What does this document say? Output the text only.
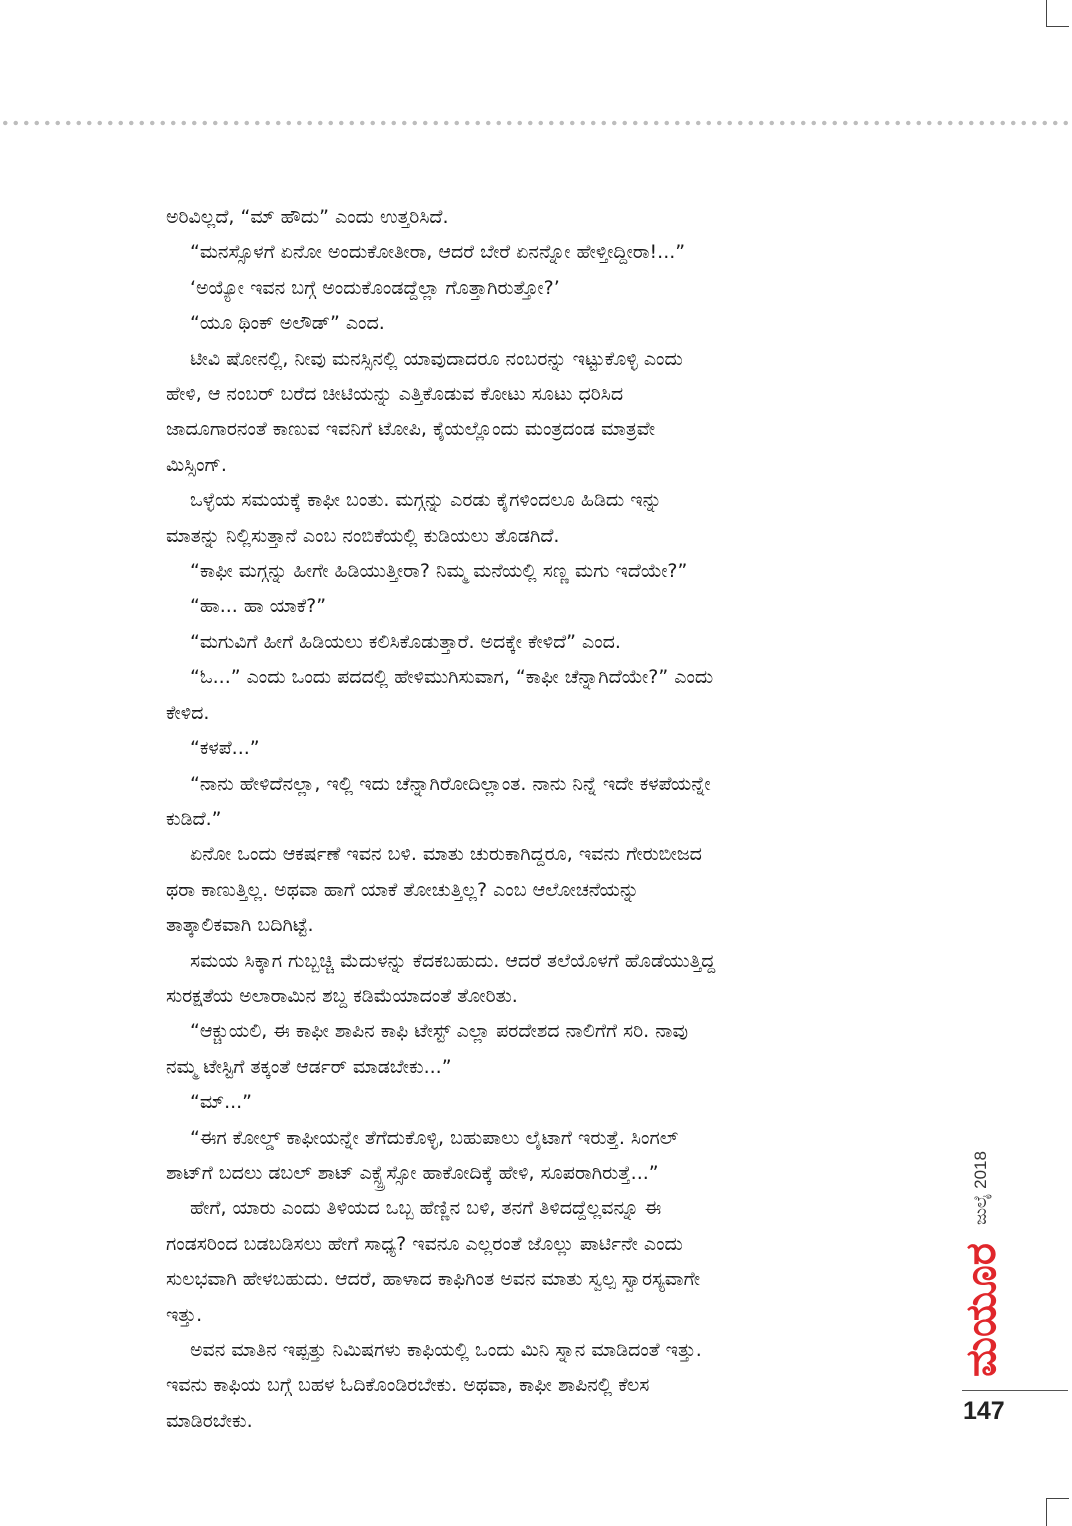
ಅರಿವಿಲ್ಲದೆ, “ಮ್ ಹೌದು” ಎಂದು ಉತ್ತರಿಸಿದೆ.

“ಮನಸ್ಸೊಳಗೆ ಏನೋ ಅಂದುಕೋತೀರಾ, ಆದರೆ ಬೇರೆ ಏನನ್ನೋ ಹೇಳ್ತೀದ್ದೀರಾ!...”

‘ಅಯ್ಯೋ ಇವನ ಬಗ್ಗೆ ಅಂದುಕೊಂಡದ್ದೆಲ್ಲಾ ಗೊತ್ತಾಗಿರುತ್ತೋ?’

“ಯೂ ಥಿಂಕ್ ಅಲೌಡ್” ಎಂದ.

ಟೀವಿ ಷೋನಲ್ಲಿ, ನೀವು ಮನಸ್ಸಿನಲ್ಲಿ ಯಾವುದಾದರೂ ನಂಬರನ್ನು ಇಟ್ಟುಕೊಳ್ಳಿ ಎಂದು

ಹೇಳಿ, ಆ ನಂಬರ್ ಬರೆದ ಚೀಟಿಯನ್ನು ಎತ್ತಿಕೊಡುವ ಕೋಟು ಸೂಟು ಧರಿಸಿದ

ಜಾದೂಗಾರನಂತೆ ಕಾಣುವ ಇವನಿಗೆ ಟೋಪಿ, ಕೈಯಲ್ಲೊಂದು ಮಂತ್ರದಂಡ ಮಾತ್ರವೇ

ಮಿಸ್ಸಿಂಗ್.

ಒಳ್ಳೆಯ ಸಮಯಕ್ಕೆ ಕಾಫೀ ಬಂತು. ಮಗ್ಗನ್ನು ಎರಡು ಕೈಗಳಿಂದಲೂ ಹಿಡಿದು ಇನ್ನು

ಮಾತನ್ನು ನಿಲ್ಲಿಸುತ್ತಾನೆ ಎಂಬ ನಂಬಿಕೆಯಲ್ಲಿ ಕುಡಿಯಲು ತೊಡಗಿದೆ.

“ಕಾಫೀ ಮಗ್ಗನ್ನು ಹೀಗೇ ಹಿಡಿಯುತ್ತೀರಾ? ನಿಮ್ಮ ಮನೆಯಲ್ಲಿ ಸಣ್ಣ ಮಗು ಇದೆಯೇ?”

“ಹಾ... ಹಾ ಯಾಕೆ?”

“ಮಗುವಿಗೆ ಹೀಗೆ ಹಿಡಿಯಲು ಕಲಿಸಿಕೊಡುತ್ತಾರೆ. ಅದಕ್ಕೇ ಕೇಳಿದೆ” ಎಂದ.

“ಓ...” ಎಂದು ಒಂದು ಪದದಲ್ಲಿ ಹೇಳಿಮುಗಿಸುವಾಗ, “ಕಾಫೀ ಚೆನ್ನಾಗಿದೆಯೇ?” ಎಂದು

ಕೇಳಿದ.

“ಕಳಪೆ...”

“ನಾನು ಹೇಳಿದೆನಲ್ಲಾ, ಇಲ್ಲಿ ಇದು ಚೆನ್ನಾಗಿರೋದಿಲ್ಲಾಂತ. ನಾನು ನಿನ್ನೆ ಇದೇ ಕಳಪೆಯನ್ನೇ

ಕುಡಿದೆ.”

ಏನೋ ಒಂದು ಆಕರ್ಷಣೆ ಇವನ ಬಳಿ. ಮಾತು ಚುರುಕಾಗಿದ್ದರೂ, ಇವನು ಗೇರುಬೀಜದ

ಥರಾ ಕಾಣುತ್ತಿಲ್ಲ. ಅಥವಾ ಹಾಗೆ ಯಾಕೆ ತೋಚುತ್ತಿಲ್ಲ? ಎಂಬ ಆಲೋಚನೆಯನ್ನು

ತಾತ್ಕಾಲಿಕವಾಗಿ ಬದಿಗಿಟ್ಟೆ.

ಸಮಯ ಸಿಕ್ಕಾಗ ಗುಬ್ಬಚ್ಚಿ ಮೆದುಳನ್ನು ಕೆದಕಬಹುದು. ಆದರೆ ತಲೆಯೊಳಗೆ ಹೊಡೆಯುತ್ತಿದ್ದ

ಸುರಕ್ಷತೆಯ ಅಲಾರಾಮಿನ ಶಬ್ದ ಕಡಿಮೆಯಾದಂತೆ ತೋರಿತು.

“ಆಕ್ಚುಯಲಿ, ಈ ಕಾಫೀ ಶಾಪಿನ ಕಾಫಿ ಟೇಸ್ಟ್ ಎಲ್ಲಾ ಪರದೇಶದ ನಾಲಿಗೆಗೆ ಸರಿ. ನಾವು

ನಮ್ಮ ಟೇಸ್ಟಿಗೆ ತಕ್ಕಂತೆ ಆರ್ಡರ್ ಮಾಡಬೇಕು...”

“ಮ್...”

“ಈಗ ಕೋಲ್ಡ್ ಕಾಫೀಯನ್ನೇ ತೆಗೆದುಕೊಳ್ಳಿ, ಬಹುಪಾಲು ಲೈಟಾಗೆ ಇರುತ್ತೆ. ಸಿಂಗಲ್

ಶಾಟ್‌ಗೆ ಬದಲು ಡಬಲ್ ಶಾಟ್ ಎಕ್ಸ್ಪ್ರೆಸ್ಸೋ ಹಾಕೋದಿಕ್ಕೆ ಹೇಳಿ, ಸೂಪರಾಗಿರುತ್ತೆ...”

ಹೇಗೆ, ಯಾರು ಎಂದು ತಿಳಿಯದ ಒಬ್ಬ ಹೆಣ್ಣಿನ ಬಳಿ, ತನಗೆ ತಿಳಿದದ್ದೆಲ್ಲವನ್ನೂ ಈ

ಗಂಡಸರಿಂದ ಬಡಬಡಿಸಲು ಹೇಗೆ ಸಾಧ್ಯ? ಇವನೂ ಎಲ್ಲರಂತೆ ಜೊಲ್ಲು ಪಾರ್ಟಿನೇ ಎಂದು

ಸುಲಭವಾಗಿ ಹೇಳಬಹುದು. ಆದರೆ, ಹಾಳಾದ ಕಾಫಿಗಿಂತ ಅವನ ಮಾತು ಸ್ವಲ್ಪ ಸ್ವಾರಸ್ಯವಾಗೇ

ಇತ್ತು.

ಅವನ ಮಾತಿನ ಇಪ್ಪತ್ತು ನಿಮಿಷಗಳು ಕಾಫಿಯಲ್ಲಿ ಒಂದು ಮಿನಿ ಸ್ನಾನ ಮಾಡಿದಂತೆ ಇತ್ತು.

ಇವನು ಕಾಫಿಯ ಬಗ್ಗೆ ಬಹಳ ಓದಿಕೊಂಡಿರಬೇಕು. ಅಥವಾ, ಕಾಫೀ ಶಾಪಿನಲ್ಲಿ ಕೆಲಸ

ಮಾಡಿರಬೇಕು.

ಜುಲೈ 2018
ಮಯೂರ
147
